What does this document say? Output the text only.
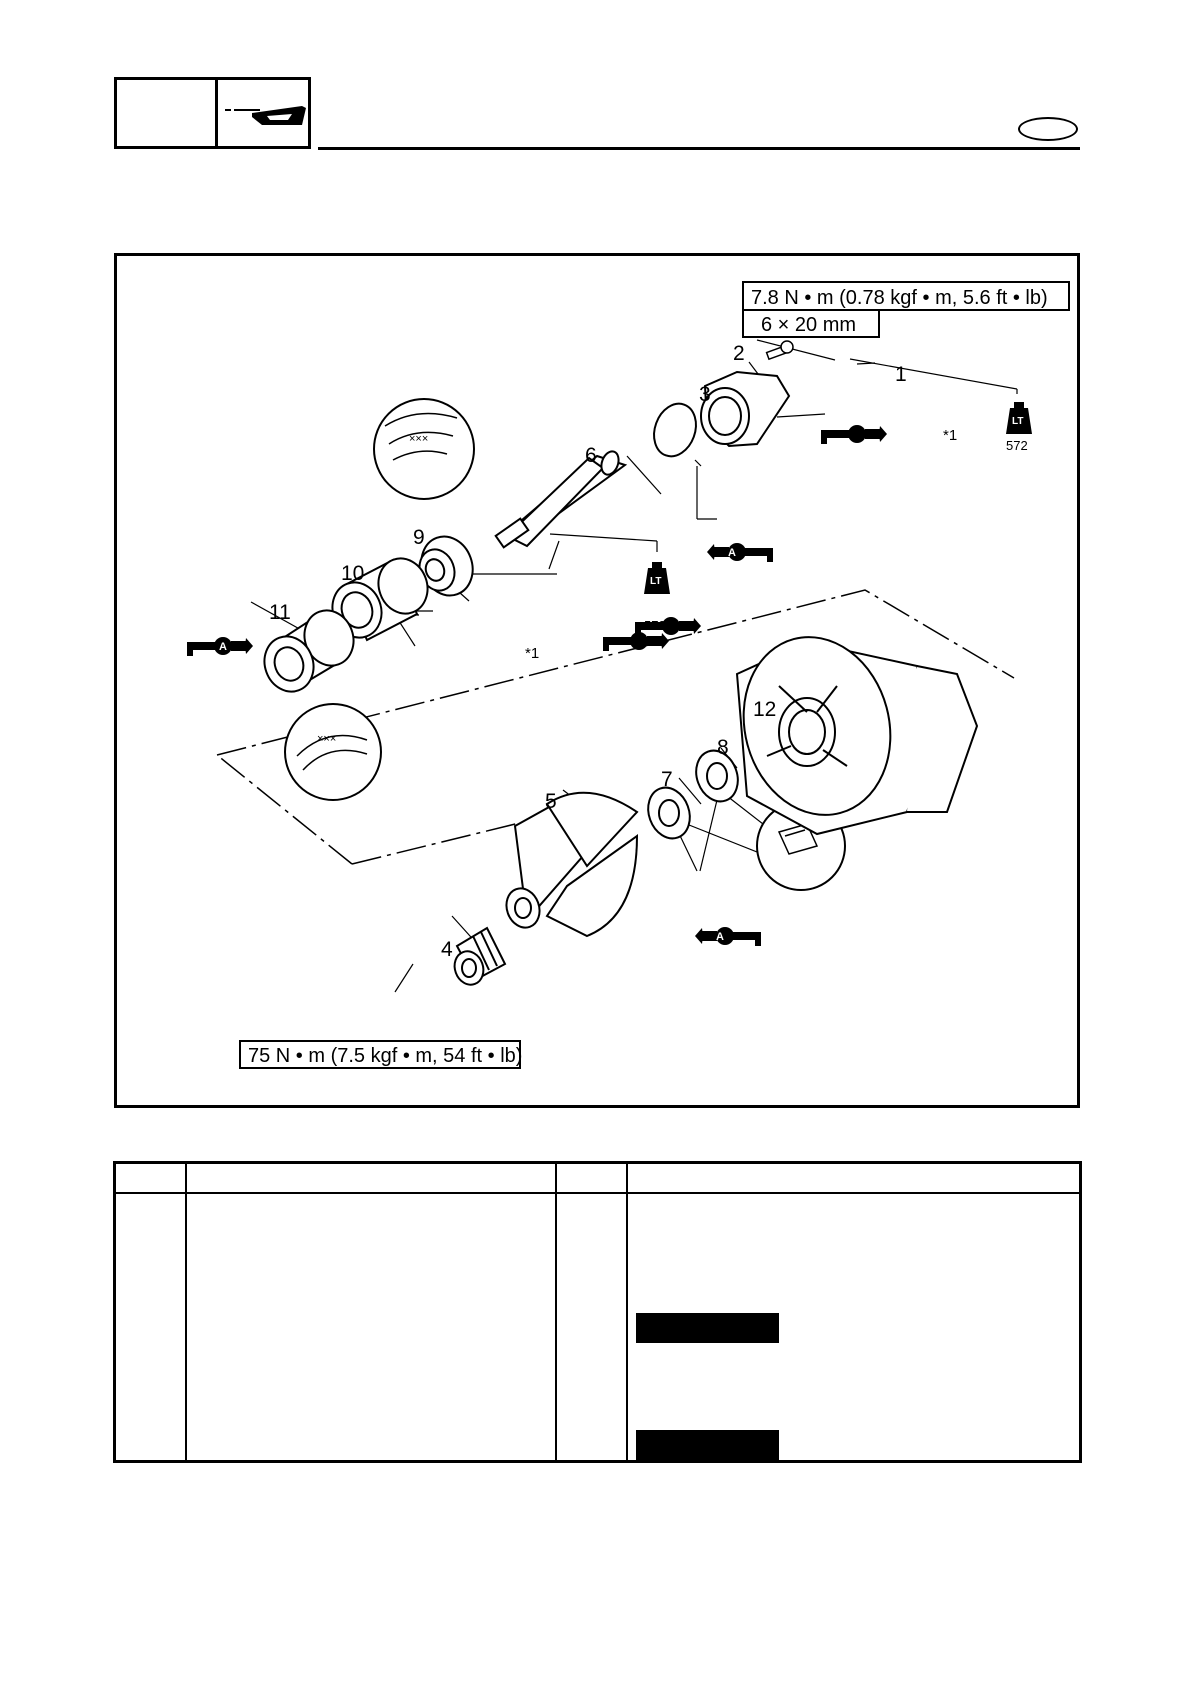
7.8 N • m (0.78 kgf • m, 5.6 ft • lb)
6 × 20 mm
×××
×××
A
A
A
A
LT
LT
572
572
*1
*1
1
2
3
4
5
6
7
8
9
10
11
12
75 N • m (7.5 kgf • m, 54 ft • lb)
